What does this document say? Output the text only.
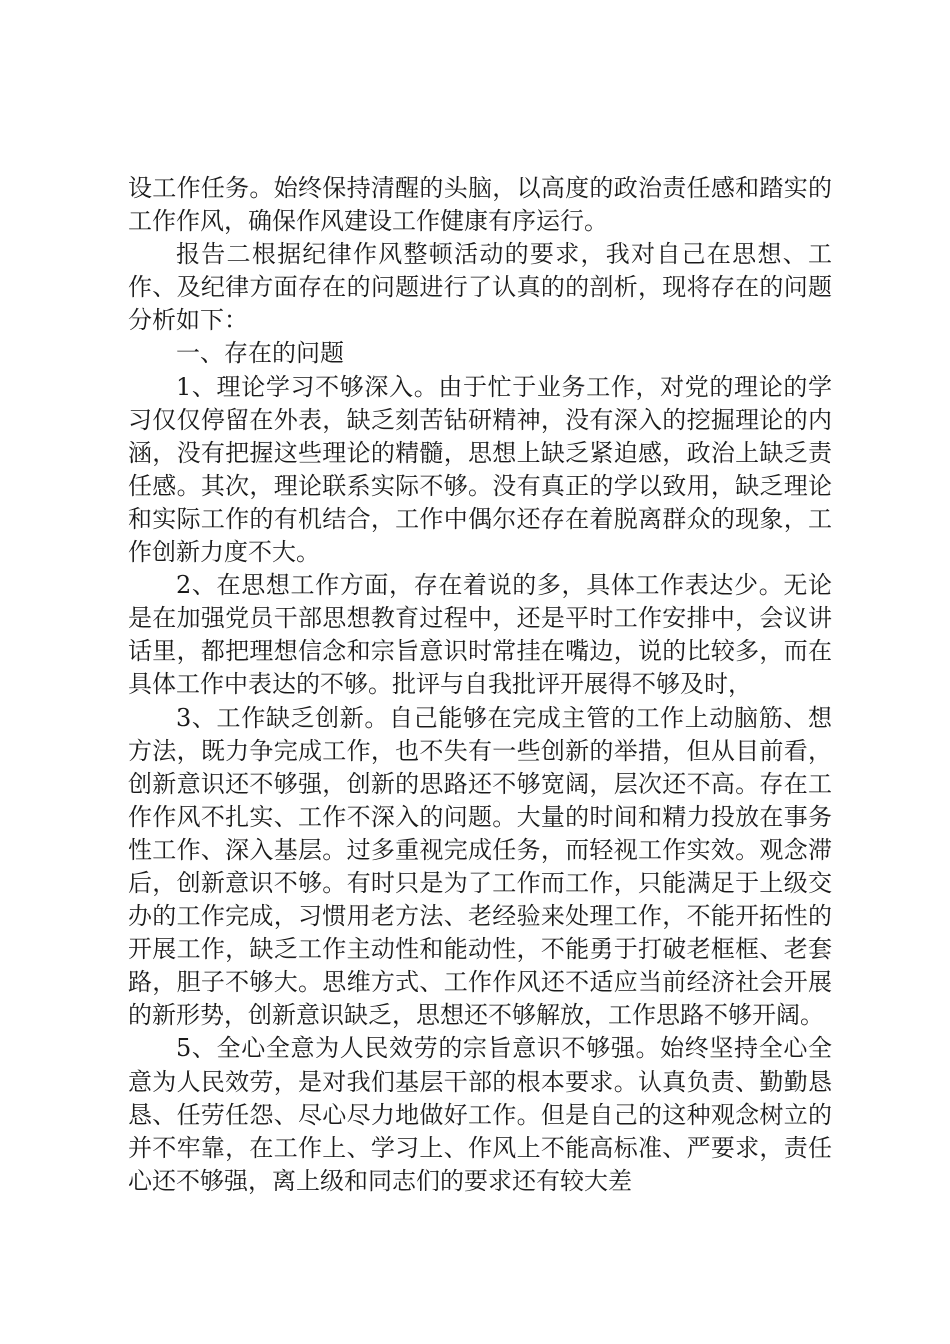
设工作任务。始终保持清醒的头脑，以高度的政治责任感和踏实的工作作风，确保作风建设工作健康有序运行。

报告二根据纪律作风整顿活动的要求，我对自己在思想、工作、及纪律方面存在的问题进行了认真的的剖析，现将存在的问题分析如下：

一、存在的问题

1、理论学习不够深入。由于忙于业务工作，对党的理论的学习仅仅停留在外表，缺乏刻苦钻研精神，没有深入的挖掘理论的内涵，没有把握这些理论的精髓，思想上缺乏紧迫感，政治上缺乏责任感。其次，理论联系实际不够。没有真正的学以致用，缺乏理论和实际工作的有机结合，工作中偶尔还存在着脱离群众的现象，工作创新力度不大。

2、在思想工作方面，存在着说的多，具体工作表达少。无论是在加强党员干部思想教育过程中，还是平时工作安排中，会议讲话里，都把理想信念和宗旨意识时常挂在嘴边，说的比较多，而在具体工作中表达的不够。批评与自我批评开展得不够及时，

3、工作缺乏创新。自己能够在完成主管的工作上动脑筋、想方法，既力争完成工作，也不失有一些创新的举措，但从目前看，创新意识还不够强，创新的思路还不够宽阔，层次还不高。存在工作作风不扎实、工作不深入的问题。大量的时间和精力投放在事务性工作、深入基层。过多重视完成任务，而轻视工作实效。观念滞后，创新意识不够。有时只是为了工作而工作，只能满足于上级交办的工作完成，习惯用老方法、老经验来处理工作，不能开拓性的开展工作，缺乏工作主动性和能动性，不能勇于打破老框框、老套路，胆子不够大。思维方式、工作作风还不适应当前经济社会开展的新形势，创新意识缺乏，思想还不够解放，工作思路不够开阔。

5、全心全意为人民效劳的宗旨意识不够强。始终坚持全心全意为人民效劳，是对我们基层干部的根本要求。认真负责、勤勤恳恳、任劳任怨、尽心尽力地做好工作。但是自己的这种观念树立的并不牢靠，在工作上、学习上、作风上不能高标准、严要求，责任心还不够强，离上级和同志们的要求还有较大差
